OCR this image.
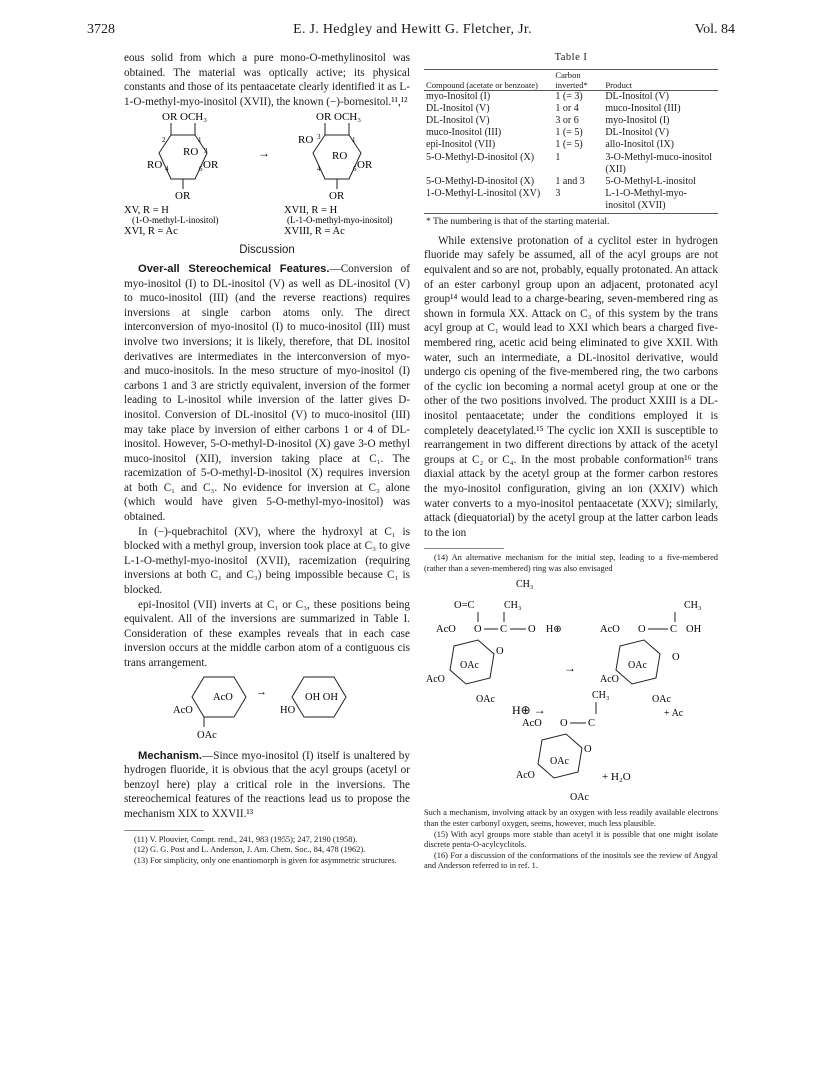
3728	E. J. Hedgley and Hewitt G. Fletcher, Jr.	Vol. 84

eous solid from which a pure mono-O-methylinositol was obtained. The material was optically active; its physical constants and those of its pentaacetate clearly identified it as L-1-O-methyl-myo-inositol (XVII), the known (−)-bornesitol.¹¹,¹²

OR OCH₃
2	1
RO 3
RO 4	6 OR
OR
XV, R = H
(1-O-methyl-L-inositol)
XVI, R = Ac
→
OR OCH₃
RO 3	1
RO
4	6 OR
OR
XVII, R = H
(L-1-O-methyl-myo-inositol)
XVIII, R = Ac
Discussion

Over-all Stereochemical Features.—Conversion of myo-inositol (I) to DL-inositol (V) as well as DL-inositol (V) to muco-inositol (III) (and the reverse reactions) requires inversions at single carbon atoms only. The direct interconversion of myo-inositol (I) to muco-inositol (III) must involve two inversions; it is likely, therefore, that DL inositol derivatives are intermediates in the interconversion of myo- and muco-inositols. In the meso structure of myo-inositol (I) carbons 1 and 3 are strictly equivalent, inversion of the former leading to L-inositol while inversion of the latter gives D-inositol. Conversion of DL-inositol (V) to muco-inositol (III) may take place by inversion of either carbons 1 or 4 of DL-inositol. However, 5-O-methyl-D-inositol (X) gave 3-O methyl muco-inositol (XII), inversion taking place at C₁. The racemization of 5-O-methyl-D-inositol (X) requires inversion at both C₁ and C₃. No evidence for inversion at C₃ alone (which would have given 5-O-methyl-myo-inositol) was obtained.

In (−)-quebrachitol (XV), where the hydroxyl at C₁ is blocked with a methyl group, inversion took place at C₃ to give L-1-O-methyl-myo-inositol (XVII), racemization (requiring inversions at both C₁ and C₃) being impossible because C₁ is blocked.

epi-Inositol (VII) inverts at C₁ or C₃, these positions being equivalent. All of the inversions are summarized in Table I. Consideration of these examples reveals that in each case inversion occurs at the middle carbon atom of a contiguous cis trans arrangement.

AcO
AcO
OAc
→	OH OH
HO

Mechanism.—Since myo-inositol (I) itself is unaltered by hydrogen fluoride, it is obvious that the acyl groups (acetyl or benzoyl here) play a critical role in the inversions. The stereochemical features of the reactions lead us to propose the mechanism XIX to XXVII.¹³

(11) V. Plouvier, Compt. rend., 241, 983 (1955); 247, 2190 (1958).

(12) G. G. Post and L. Anderson, J. Am. Chem. Soc., 84, 478 (1962).

(13) For simplicity, only one enantiomorph is given for asymmetric structures.

Table I
Compound (acetate or benzoate)	Carbon inverted*	Product
myo-Inositol (I)	1 (= 3)	DL-Inositol (V)
DL-Inositol (V)	1 or 4	muco-Inositol (III)
DL-Inositol (V)	3 or 6	myo-Inositol (I)
muco-Inositol (III)	1 (= 5)	DL-Inositol (V)
epi-Inositol (VII)	1 (= 5)	allo-Inositol (IX)
5-O-Methyl-D-inositol (X)	1	3-O-Methyl-muco-inositol (XII)
5-O-Methyl-D-inositol (X)	1 and 3	5-O-Methyl-L-inositol
1-O-Methyl-L-inositol (XV)	3	L-1-O-Methyl-myo-inositol (XVII)
* The numbering is that of the starting material.		

While extensive protonation of a cyclitol ester in hydrogen fluoride may safely be assumed, all of the acyl groups are not equivalent and so are not, probably, equally protonated. An attack of an ester carbonyl group upon an adjacent, protonated acyl group¹⁴ would lead to a charge-bearing, seven-membered ring as shown in formula XX. Attack on C₃ of this system by the trans acyl group at C₁ would lead to XXI which bears a charged five-membered ring, acetic acid being eliminated to give XXII. With water, such an intermediate, a DL-inositol derivative, would undergo cis opening of the five-membered ring, the two carbons of the cyclic ion becoming a normal acetyl group at one or the other of the two positions involved. The product XXIII is a DL-inositol pentaacetate; under the conditions employed it is completely deacetylated.¹⁵ The cyclic ion XXII is susceptible to rearrangement in two different directions by attack of the acetyl groups at C₂ or C₄. In the most probable conformation¹⁶ trans diaxial attack by the acetyl group at the former carbon restores the myo-inositol configuration, giving an ion (XXIV) which water converts to a myo-inositol pentaacetate (XXV); similarly, attack (diequatorial) by the acetyl group at the latter carbon leads to the ion

(14) An alternative mechanism for the initial step, leading to a five-membered (rather than a seven-membered) ring was also envisaged

CH₃
O=C	CH₃
AcO O C O H⊕
O
OAc
AcO
OAc
→
CH₃
AcO O C OH
O
OAc
AcO
OAc
+ Ac
H⊕ →
CH₃
AcO O C
O
OAc
AcO
OAc
+ H₂O

Such a mechanism, involving attack by an oxygen with less readily available electrons than the ester carbonyl oxygen, seems, however, much less plausible.

(15) With acyl groups more stable than acetyl it is possible that one might isolate discrete penta-O-acylcyclitols.

(16) For a discussion of the conformations of the inositols see the review of Angyal and Anderson referred to in ref. 1.
